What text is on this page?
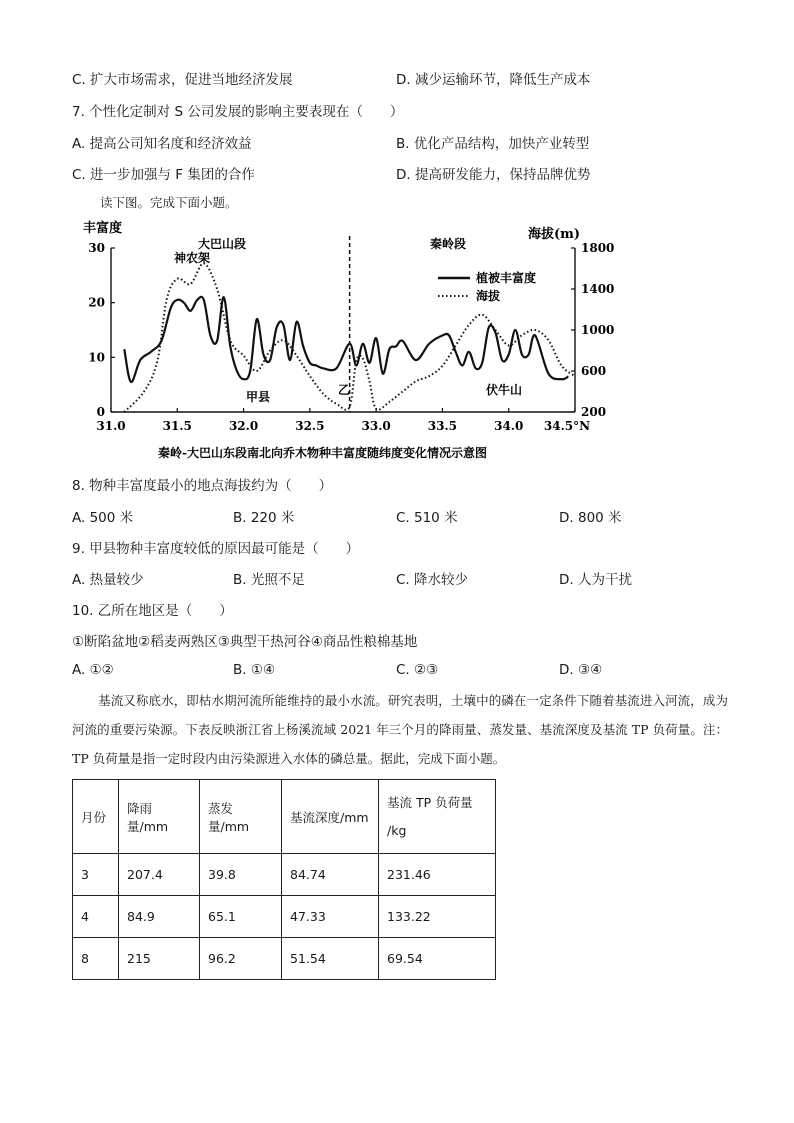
C. 扩大市场需求，促进当地经济发展	D. 减少运输环节，降低生产成本
7. 个性化定制对 S 公司发展的影响主要表现在（　　）
A. 提高公司知名度和经济效益	B. 优化产品结构，加快产业转型
C. 进一步加强与 F 集团的合作	D. 提高研发能力，保持品牌优势
读下图。完成下面小题。
丰富度	海拔(m)
大巴山段
神农架
秦岭段
甲县	乙	伏牛山
植被丰富度
海拔
秦岭-大巴山东段南北向乔木物种丰富度随纬度变化情况示意图
31.0	31.5	32.0	32.5	33.0	33.5	34.0 34.5°N
0
10
20
30
200
600
1000
1400
1800
8. 物种丰富度最小的地点海拔约为（　　）
A. 500 米	B. 220 米	C. 510 米	D. 800 米
9. 甲县物种丰富度较低的原因最可能是（　　）
A. 热量较少	B. 光照不足	C. 降水较少	D. 人为干扰
10. 乙所在地区是（　　）
①断陷盆地②稻麦两熟区③典型干热河谷④商品性粮棉基地
A. ①②	B. ①④	C. ②③	D. ③④
基流又称底水，即枯水期河流所能维持的最小水流。研究表明，土壤中的磷在一定条件下随着基流进入河流，成为河流的重要污染源。下表反映浙江省上杨溪流域 2021 年三个月的降雨量、蒸发量、基流深度及基流 TP 负荷量。注：TP 负荷量是指一定时段内由污染源进入水体的磷总量。据此，完成下面小题。
月份	降雨量/mm	蒸发量/mm	基流深度/mm	基流 TP 负荷量
/kg

3	207.4	39.8	84.74	231.46
4	84.9	65.1	47.33	133.22
8	215	96.2	51.54	69.54
